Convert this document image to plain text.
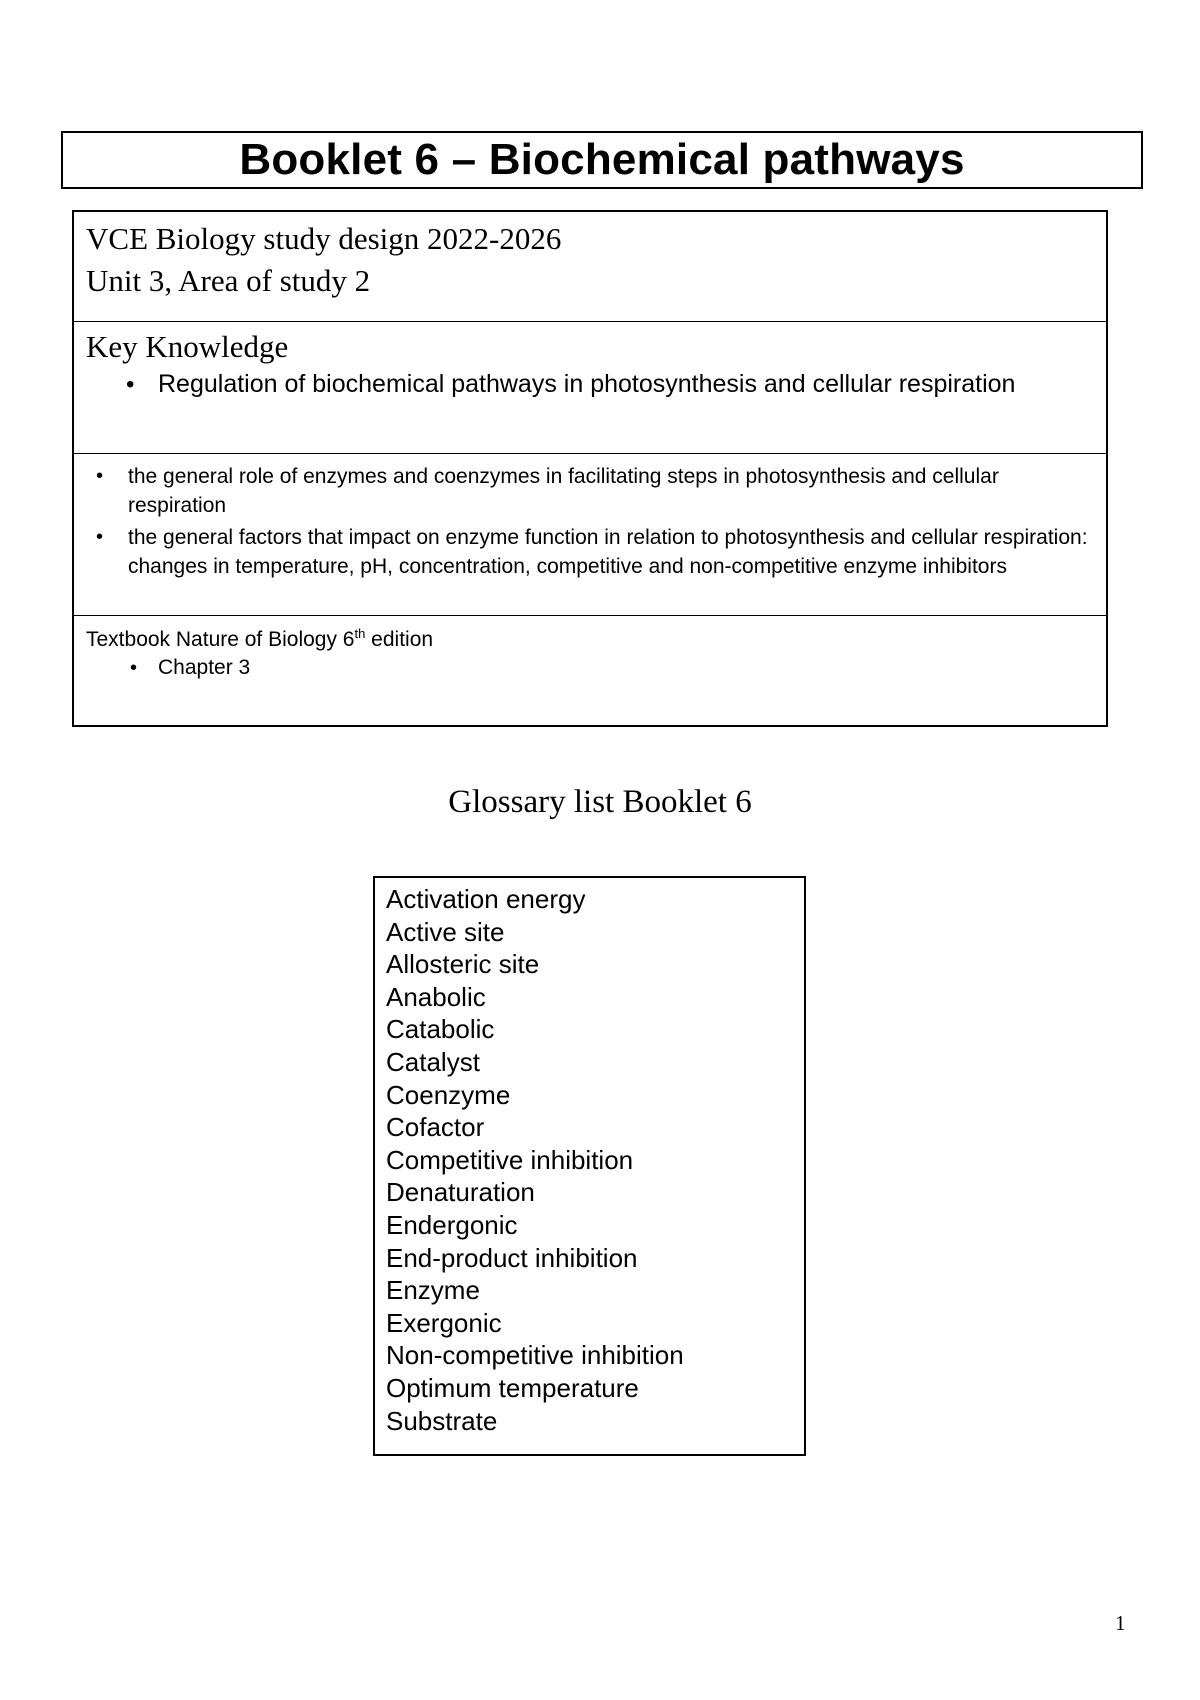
Booklet 6 – Biochemical pathways
VCE Biology study design 2022-2026
Unit 3, Area of study 2
Key Knowledge
• Regulation of biochemical pathways in photosynthesis and cellular respiration
• the general role of enzymes and coenzymes in facilitating steps in photosynthesis and cellular respiration
• the general factors that impact on enzyme function in relation to photosynthesis and cellular respiration: changes in temperature, pH, concentration, competitive and non-competitive enzyme inhibitors
Textbook Nature of Biology 6th edition
• Chapter 3
Glossary list Booklet 6
Activation energy
Active site
Allosteric site
Anabolic
Catabolic
Catalyst
Coenzyme
Cofactor
Competitive inhibition
Denaturation
Endergonic
End-product inhibition
Enzyme
Exergonic
Non-competitive inhibition
Optimum temperature
Substrate
1
